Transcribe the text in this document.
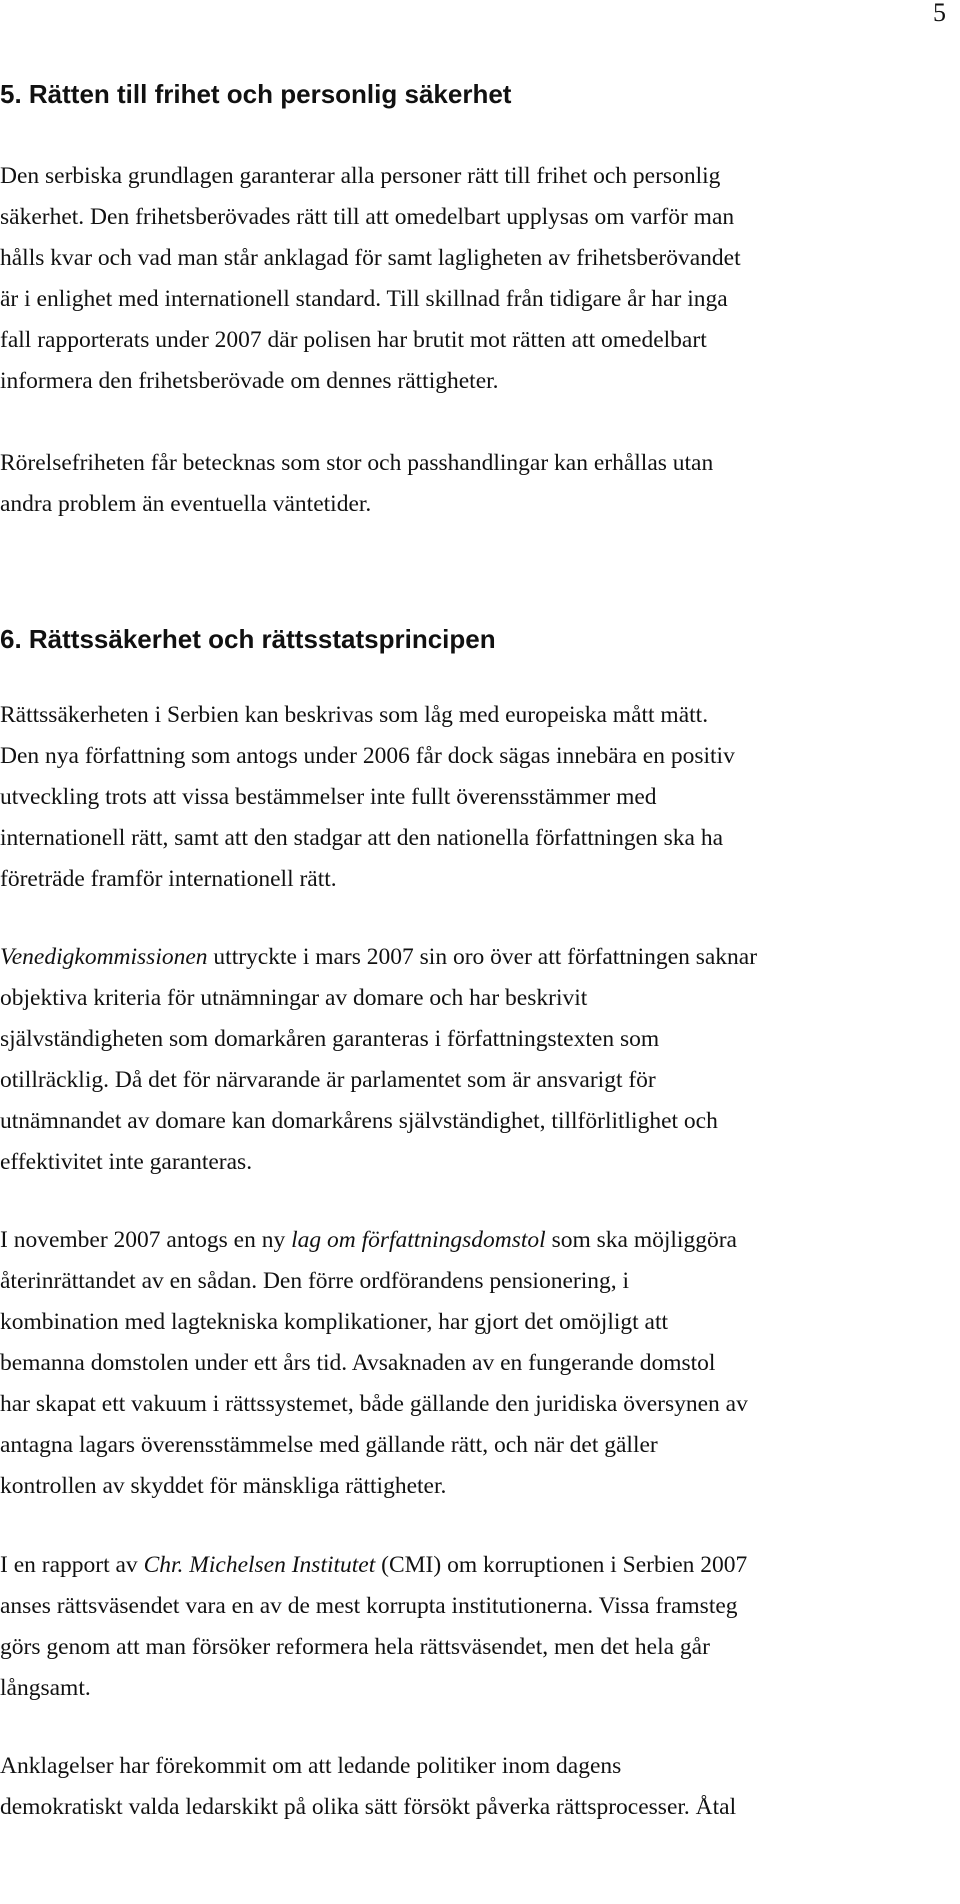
5
5. Rätten till frihet och personlig säkerhet

Den serbiska grundlagen garanterar alla personer rätt till frihet och personlig

säkerhet. Den frihetsberövades rätt till att omedelbart upplysas om varför man

hålls kvar och vad man står anklagad för samt lagligheten av frihetsberövandet

är i enlighet med internationell standard. Till skillnad från tidigare år har inga

fall rapporterats under 2007 där polisen har brutit mot rätten att omedelbart

informera den frihetsberövade om dennes rättigheter.

Rörelsefriheten får betecknas som stor och passhandlingar kan erhållas utan

andra problem än eventuella väntetider.

6. Rättssäkerhet och rättsstatsprincipen

Rättssäkerheten i Serbien kan beskrivas som låg med europeiska mått mätt.

Den nya författning som antogs under 2006 får dock sägas innebära en positiv

utveckling trots att vissa bestämmelser inte fullt överensstämmer med

internationell rätt, samt att den stadgar att den nationella författningen ska ha

företräde framför internationell rätt.

Venedigkommissionen uttryckte i mars 2007 sin oro över att författningen saknar

objektiva kriteria för utnämningar av domare och har beskrivit

självständigheten som domarkåren garanteras i författningstexten som

otillräcklig. Då det för närvarande är parlamentet som är ansvarigt för

utnämnandet av domare kan domarkårens självständighet, tillförlitlighet och

effektivitet inte garanteras.

I november 2007 antogs en ny lag om författningsdomstol som ska möjliggöra

återinrättandet av en sådan. Den förre ordförandens pensionering, i

kombination med lagtekniska komplikationer, har gjort det omöjligt att

bemanna domstolen under ett års tid. Avsaknaden av en fungerande domstol

har skapat ett vakuum i rättssystemet, både gällande den juridiska översynen av

antagna lagars överensstämmelse med gällande rätt, och när det gäller

kontrollen av skyddet för mänskliga rättigheter.

I en rapport av Chr. Michelsen Institutet (CMI) om korruptionen i Serbien 2007

anses rättsväsendet vara en av de mest korrupta institutionerna. Vissa framsteg

görs genom att man försöker reformera hela rättsväsendet, men det hela går

långsamt.

Anklagelser har förekommit om att ledande politiker inom dagens

demokratiskt valda ledarskikt på olika sätt försökt påverka rättsprocesser. Åtal
